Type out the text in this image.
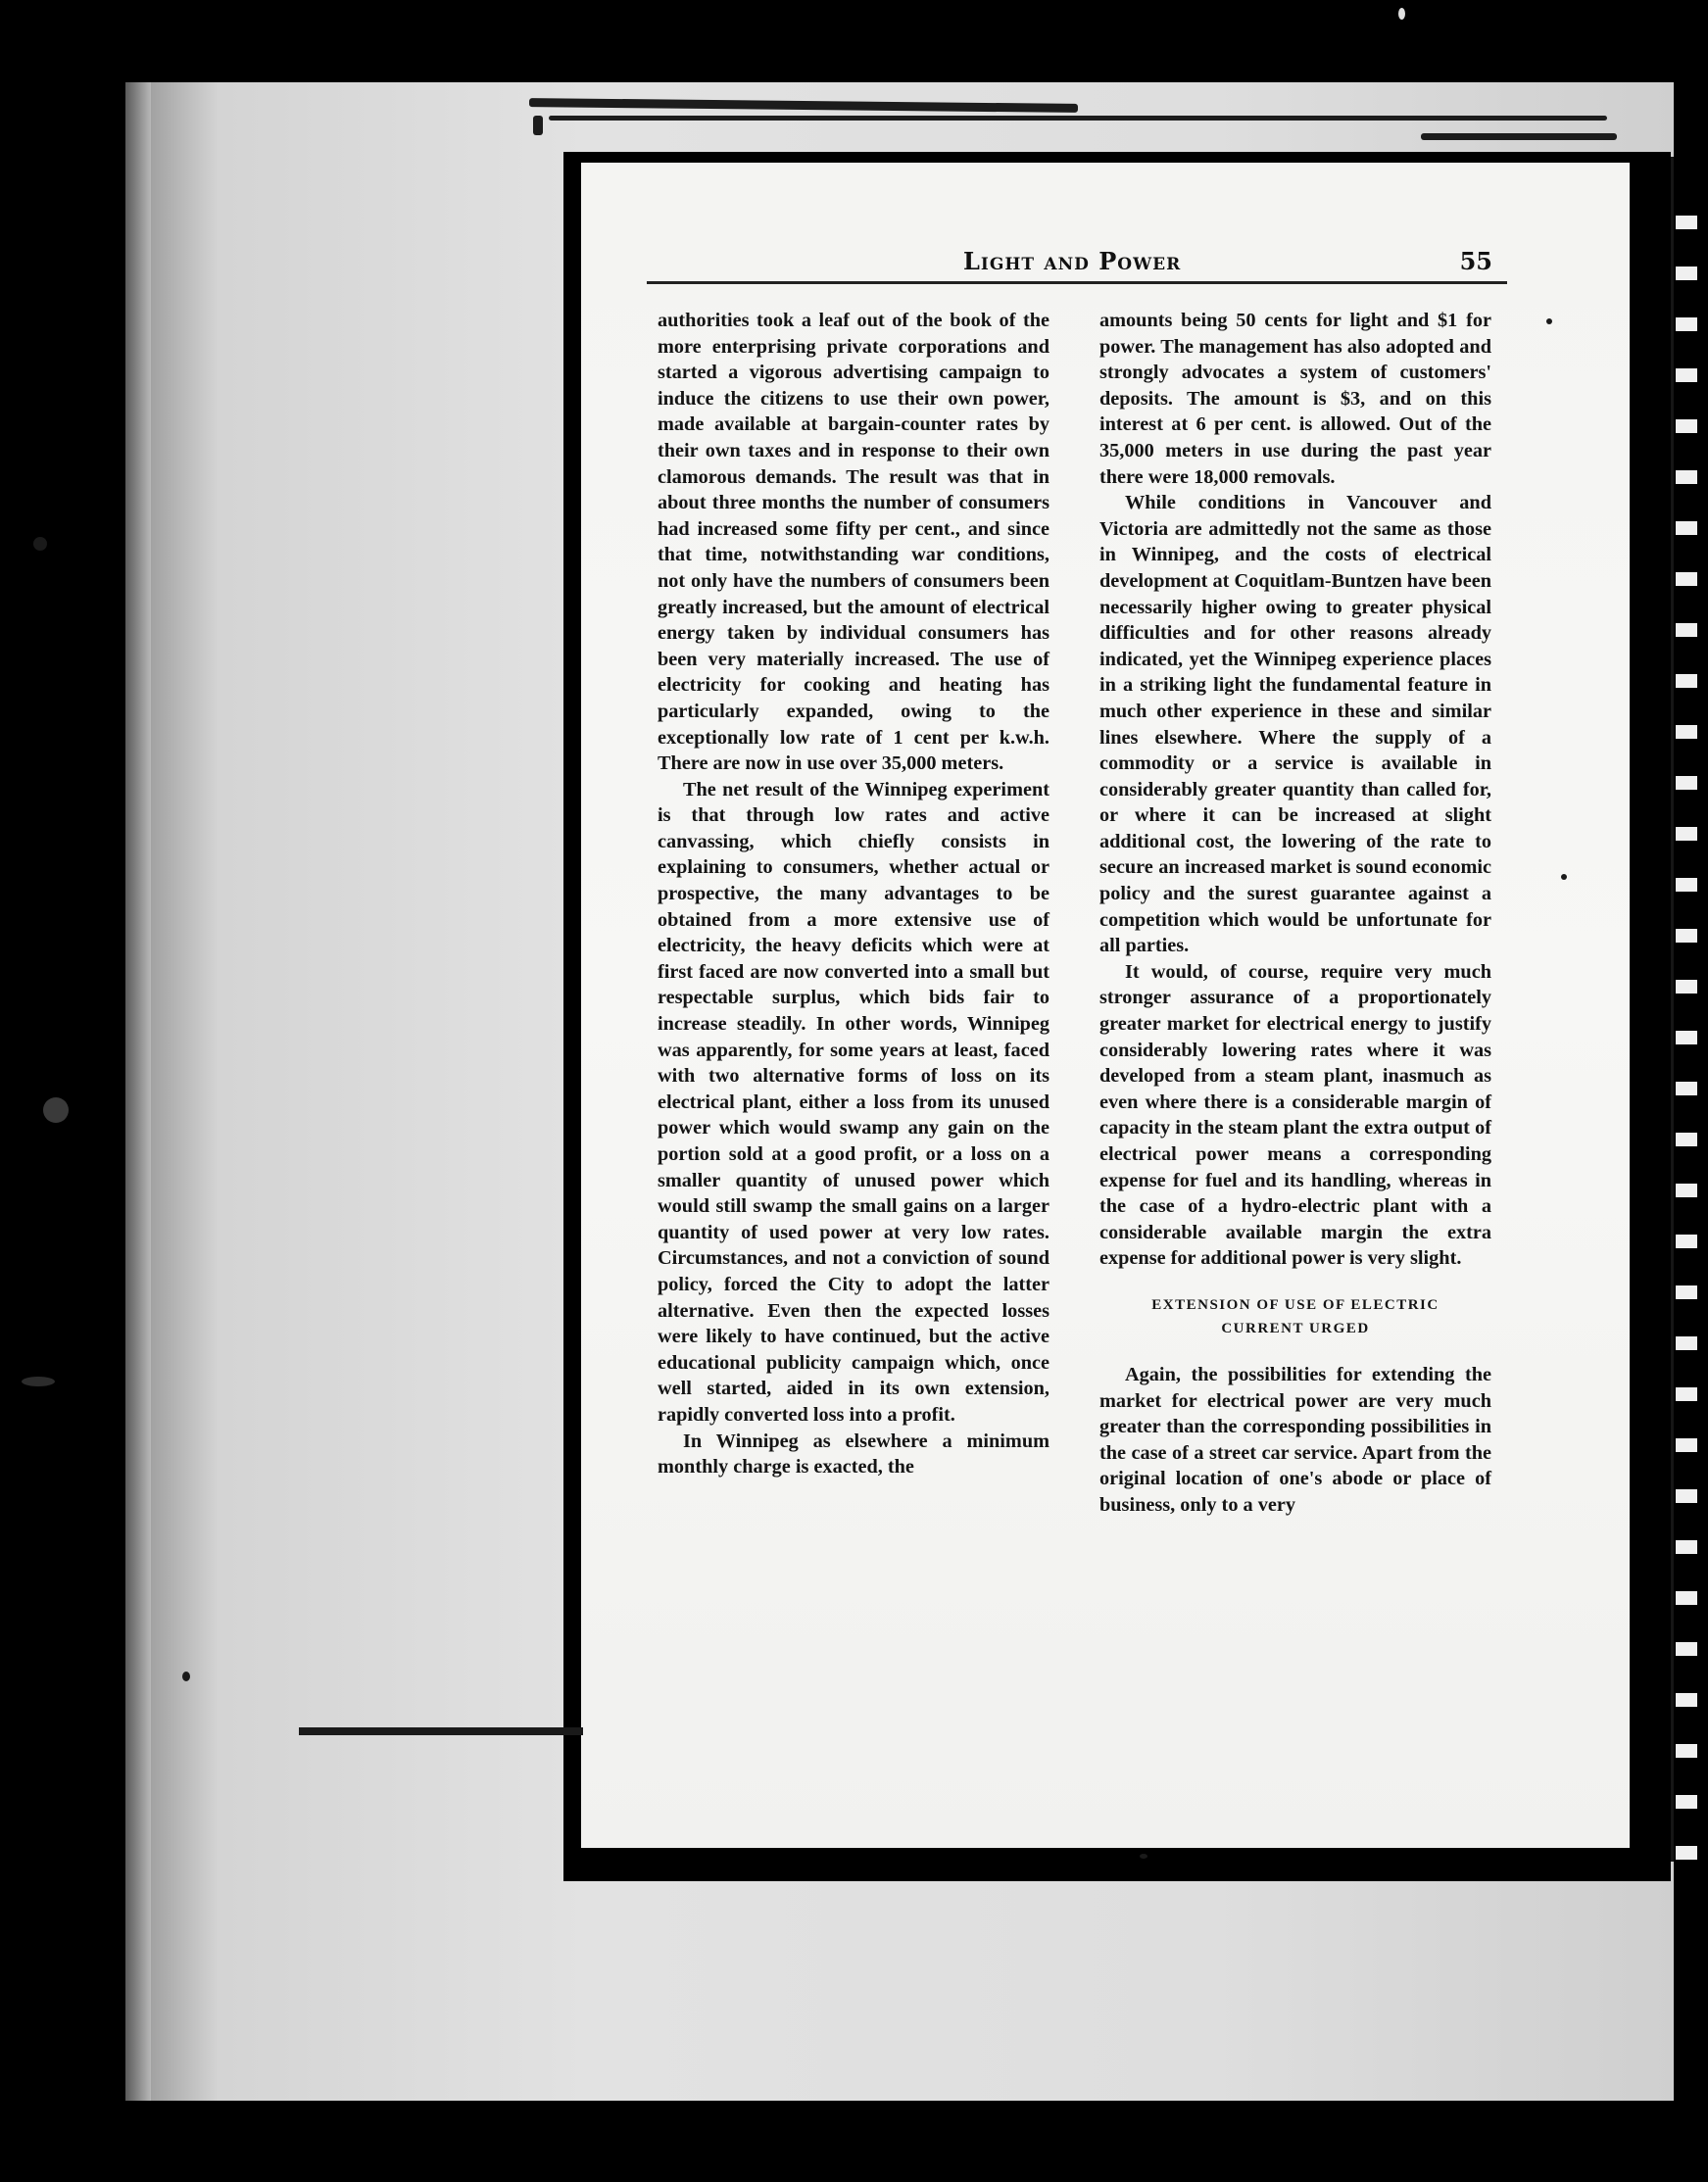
Light and Power	55

authorities took a leaf out of the book of the more enterprising private corporations and started a vigorous advertising campaign to induce the citizens to use their own power, made available at bargain-counter rates by their own taxes and in response to their own clamorous demands. The result was that in about three months the number of consumers had increased some fifty per cent., and since that time, notwithstanding war conditions, not only have the numbers of consumers been greatly increased, but the amount of electrical energy taken by individual consumers has been very materially increased. The use of electricity for cooking and heating has particularly expanded, owing to the exceptionally low rate of 1 cent per k.w.h. There are now in use over 35,000 meters.

The net result of the Winnipeg experiment is that through low rates and active canvassing, which chiefly consists in explaining to consumers, whether actual or prospective, the many advantages to be obtained from a more extensive use of electricity, the heavy deficits which were at first faced are now converted into a small but respectable surplus, which bids fair to increase steadily. In other words, Winnipeg was apparently, for some years at least, faced with two alternative forms of loss on its electrical plant, either a loss from its unused power which would swamp any gain on the portion sold at a good profit, or a loss on a smaller quantity of unused power which would still swamp the small gains on a larger quantity of used power at very low rates. Circumstances, and not a conviction of sound policy, forced the City to adopt the latter alternative. Even then the expected losses were likely to have continued, but the active educational publicity campaign which, once well started, aided in its own extension, rapidly converted loss into a profit.

In Winnipeg as elsewhere a minimum monthly charge is exacted, the

amounts being 50 cents for light and $1 for power. The management has also adopted and strongly advocates a system of customers' deposits. The amount is $3, and on this interest at 6 per cent. is allowed. Out of the 35,000 meters in use during the past year there were 18,000 removals.

While conditions in Vancouver and Victoria are admittedly not the same as those in Winnipeg, and the costs of electrical development at Coquitlam-Buntzen have been necessarily higher owing to greater physical difficulties and for other reasons already indicated, yet the Winnipeg experience places in a striking light the fundamental feature in much other experience in these and similar lines elsewhere. Where the supply of a commodity or a service is available in considerably greater quantity than called for, or where it can be increased at slight additional cost, the lowering of the rate to secure an increased market is sound economic policy and the surest guarantee against a competition which would be unfortunate for all parties.

It would, of course, require very much stronger assurance of a proportionately greater market for electrical energy to justify considerably lowering rates where it was developed from a steam plant, inasmuch as even where there is a considerable margin of capacity in the steam plant the extra output of electrical power means a corresponding expense for fuel and its handling, whereas in the case of a hydro-electric plant with a considerable available margin the extra expense for additional power is very slight.

EXTENSION OF USE OF ELECTRIC
CURRENT URGED

Again, the possibilities for extending the market for electrical power are very much greater than the corresponding possibilities in the case of a street car service. Apart from the original location of one's abode or place of business, only to a very
